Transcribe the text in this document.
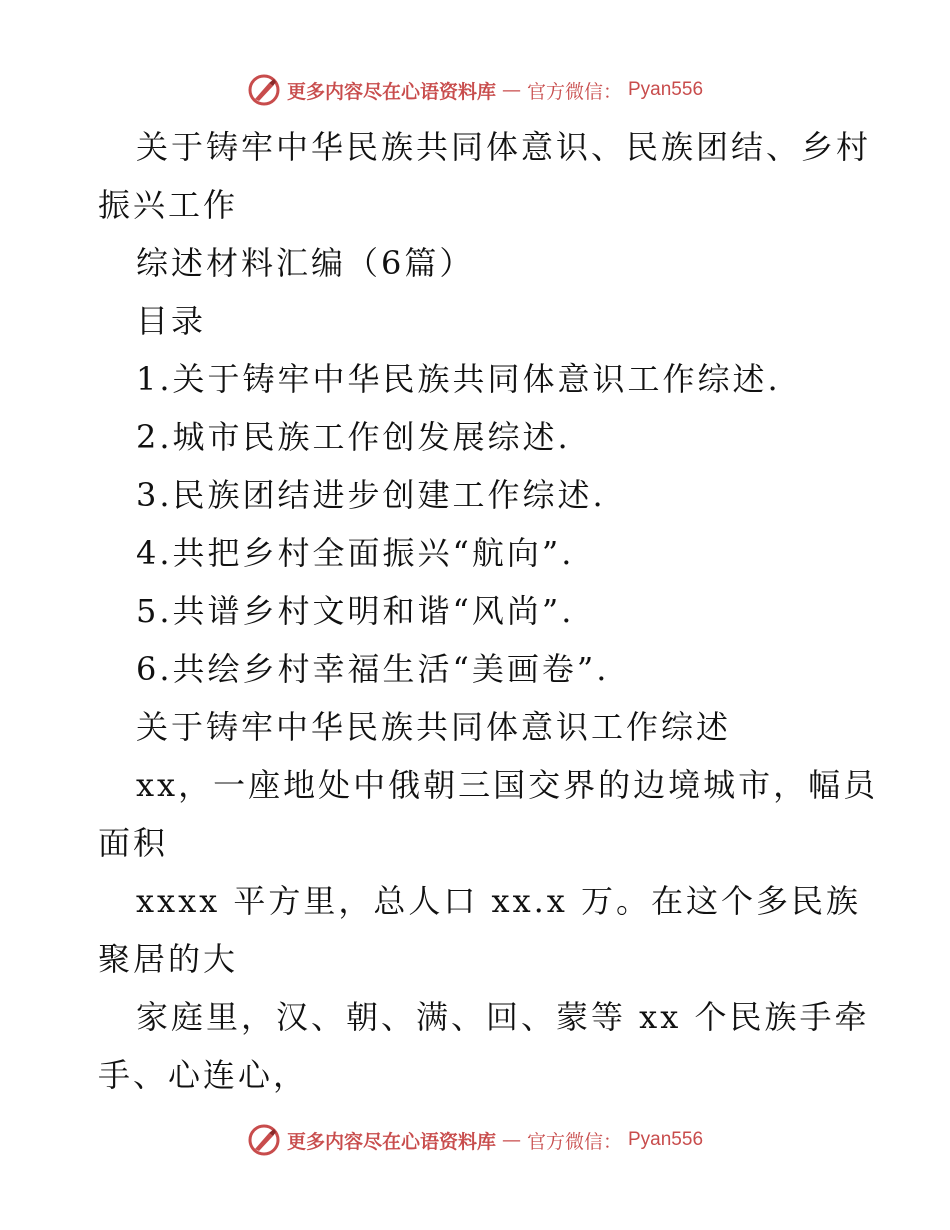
更多内容尽在心语资料库 — 官方微信： Pyan556
关于铸牢中华民族共同体意识、民族团结、乡村
振兴工作
综述材料汇编（6篇）
目录
1.关于铸牢中华民族共同体意识工作综述.
2.城市民族工作创发展综述.
3.民族团结进步创建工作综述.
4.共把乡村全面振兴“航向”.
5.共谱乡村文明和谐“风尚”.
6.共绘乡村幸福生活“美画卷”.
关于铸牢中华民族共同体意识工作综述
xx，一座地处中俄朝三国交界的边境城市，幅员
面积
xxxx 平方里，总人口 xx.x 万。在这个多民族
聚居的大
家庭里，汉、朝、满、回、蒙等 xx 个民族手牵
手、心连心，
更多内容尽在心语资料库 — 官方微信： Pyan556
